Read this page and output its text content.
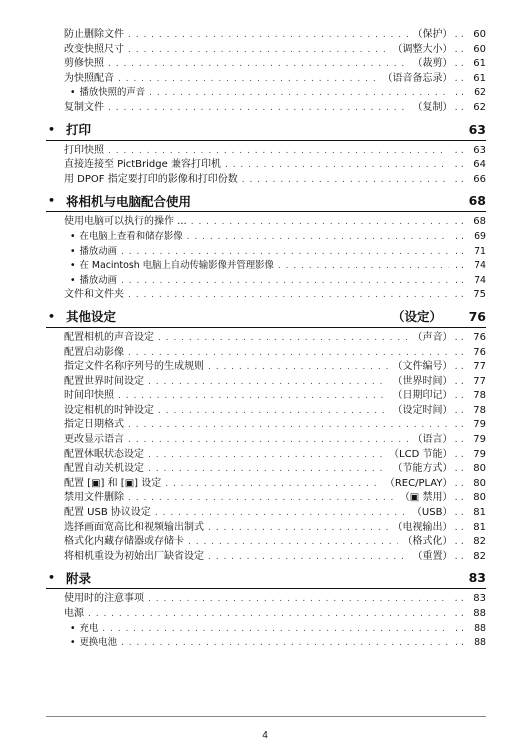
防止删除文件 . . .	（保护） . . 60
改变快照尺寸 . . .	（调整大小） . . 60
剪修快照 . . .	（裁剪） . . 61
为快照配音 . . .	（语音备忘录） . . 61
• 播放快照的声音 . . .	. .	62
复制文件 . . .	（复制） . . 62
• 打印	63
打印快照 . . .	. . 63
直接连接至 PictBridge 兼容打印机 . . .	. . 64
用 DPOF 指定要打印的影像和打印份数 . . .	. . 66
• 将相机与电脑配合使用	68
使用电脑可以执行的操作 ... . . .	. . 68
• 在电脑上查看和储存影像 . . .	. .	69
• 播放动画 . . .	. .	71
• 在 Macintosh 电脑上自动传输影像并管理影像 . . .	. .	74
• 播放动画 . . .	. .	74
文件和文件夹 . . .	. . 75
• 其他设定	（设定）	76
配置相机的声音设定 . . .	（声音） . . 76
配置启动影像 . . .	. . 76
指定文件名称序列号的生成规则 . . .	（文件编号） . . 77
配置世界时间设定 . . .	（世界时间） . . 77
时间印快照 . . .	（日期印记） . . 78
设定相机的时钟设定 . . .	（设定时间） . . 78
指定日期格式 . . .	. . 79
更改显示语言 . . .	（语言） . . 79
配置休眠状态设定 . . .	（LCD 节能） . . 79
配置自动关机设定 . . .	（节能方式） . . 80
配置 [▣] 和 [▣] 设定 . . .	（REC/PLAY） . . 80
禁用文件删除 . . .	（▣ 禁用） . . 80
配置 USB 协议设定 . . .	（USB） . . 81
选择画面宽高比和视频输出制式 . . .	（电视输出） . . 81
格式化内藏存储器或存储卡 . . .	（格式化） . . 82
将相机重设为初始出厂缺省设定 . . .	（重置） . . 82
• 附录	83
使用时的注意事项 . . .	. . 83
电源 . . .	. . 88
• 充电 . . .	. .	88
• 更换电池 . . .	. .	88
4
